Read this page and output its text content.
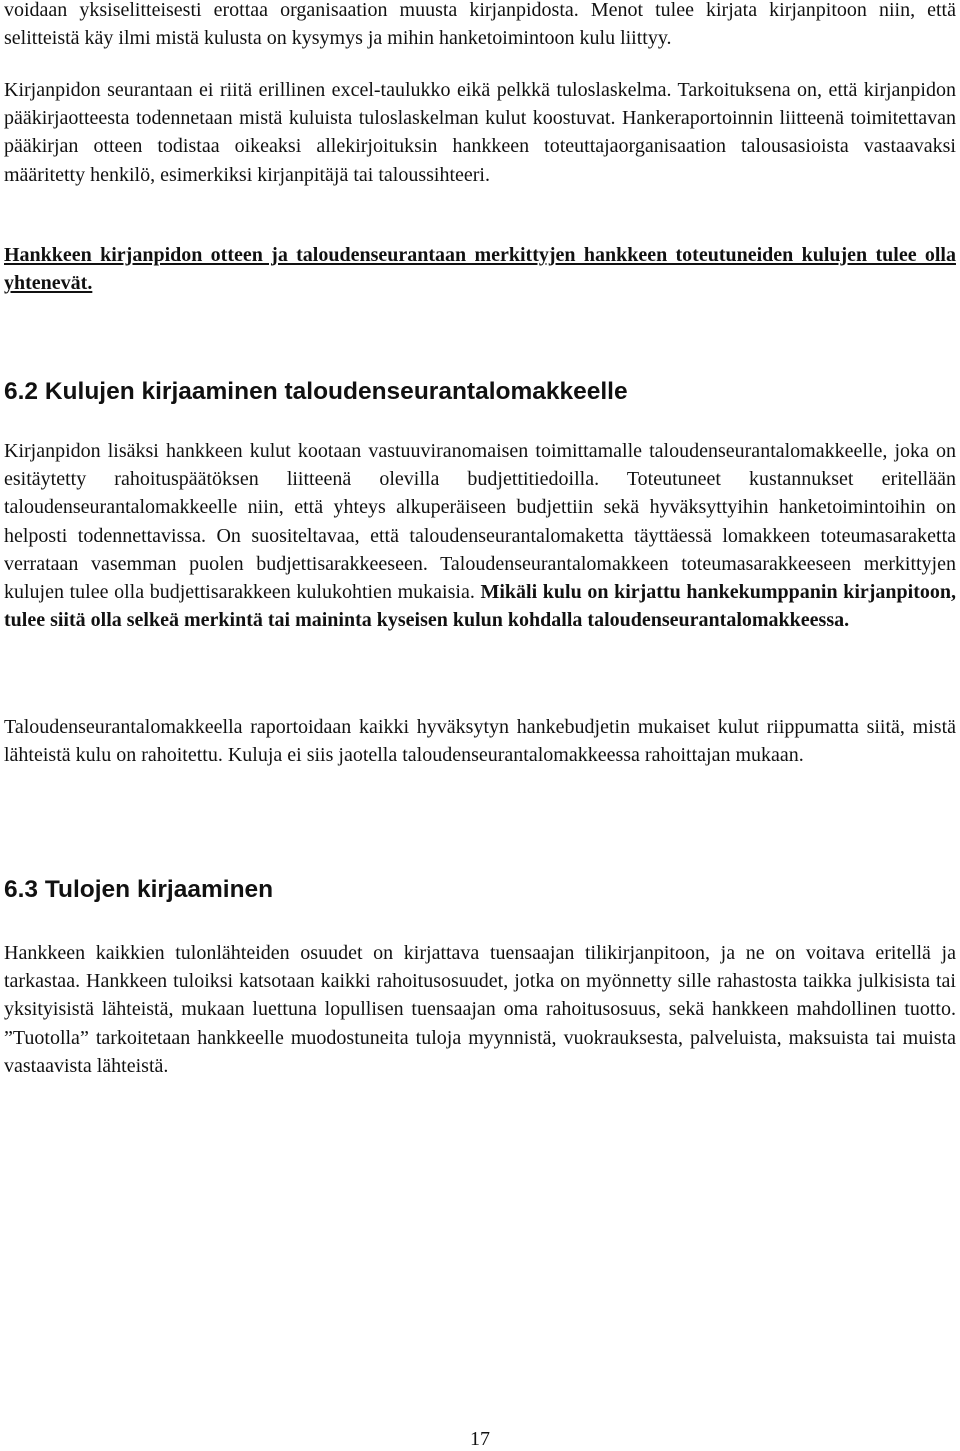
voidaan yksiselitteisesti erottaa organisaation muusta kirjanpidosta. Menot tulee kirjata kirjanpitoon niin, että selitteistä käy ilmi mistä kulusta on kysymys ja mihin hanketoimintoon kulu liittyy.

Kirjanpidon seurantaan ei riitä erillinen excel-taulukko eikä pelkkä tuloslaskelma. Tarkoituksena on, että kirjanpidon pääkirjaotteesta todennetaan mistä kuluista tuloslaskelman kulut koostuvat. Hankeraportoinnin liitteenä toimitettavan pääkirjan otteen todistaa oikeaksi allekirjoituksin hankkeen toteuttajaorganisaation talousasioista vastaavaksi määritetty henkilö, esimerkiksi kirjanpitäjä tai taloussihteeri.

Hankkeen kirjanpidon otteen ja taloudenseurantaan merkittyjen hankkeen toteutuneiden kulujen tulee olla yhtenevät.

6.2 Kulujen kirjaaminen taloudenseurantalomakkeelle

Kirjanpidon lisäksi hankkeen kulut kootaan vastuuviranomaisen toimittamalle taloudenseurantalomakkeelle, joka on esitäytetty rahoituspäätöksen liitteenä olevilla budjettitiedoilla. Toteutuneet kustannukset eritellään taloudenseurantalomakkeelle niin, että yhteys alkuperäiseen budjettiin sekä hyväksyttyihin hanketoimintoihin on helposti todennettavissa. On suositeltavaa, että taloudenseurantalomaketta täyttäessä lomakkeen toteumasaraketta verrataan vasemman puolen budjettisarakkeeseen. Taloudenseurantalomakkeen toteumasarakkeeseen merkittyjen kulujen tulee olla budjettisarakkeen kulukohtien mukaisia. Mikäli kulu on kirjattu hankekumppanin kirjanpitoon, tulee siitä olla selkeä merkintä tai maininta kyseisen kulun kohdalla taloudenseurantalomakkeessa.

Taloudenseurantalomakkeella raportoidaan kaikki hyväksytyn hankebudjetin mukaiset kulut riippumatta siitä, mistä lähteistä kulu on rahoitettu. Kuluja ei siis jaotella taloudenseurantalomakkeessa rahoittajan mukaan.

6.3 Tulojen kirjaaminen

Hankkeen kaikkien tulonlähteiden osuudet on kirjattava tuensaajan tilikirjanpitoon, ja ne on voitava eritellä ja tarkastaa. Hankkeen tuloiksi katsotaan kaikki rahoitusosuudet, jotka on myönnetty sille rahastosta taikka julkisista tai yksityisistä lähteistä, mukaan luettuna lopullisen tuensaajan oma rahoitusosuus, sekä hankkeen mahdollinen tuotto. ”Tuotolla” tarkoitetaan hankkeelle muodostuneita tuloja myynnistä, vuokrauksesta, palveluista, maksuista tai muista vastaavista lähteistä.

17
